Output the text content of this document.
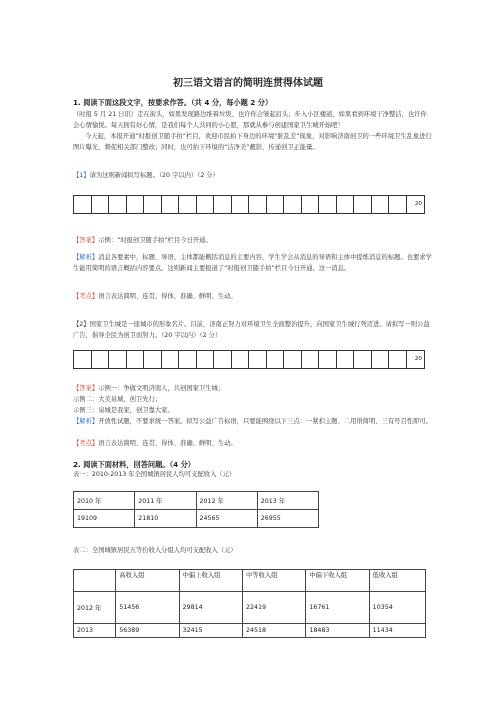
初三语文语言的简明连贯得体试题
1. 阅读下面这段文字，按要求作答。（共 4 分，每小题 2 分）
（时报 5 月 21 日讯）走在街头，如果发现路边堆着垃圾、也许你会皱起眉头；步入小区楼道，如果看到环境干净整洁，也许你会心情愉悦。每天拥有好心情，是我们每个人共同的小心愿，那就从参与创建国家卫生城开始吧！
今天起，本报开通“时报创卫随手拍”栏目，欢迎市民拍下身边的环境“脏乱差”现象，对影响济南创卫的一些环境卫生乱象进行图片曝光，督促相关部门整改；同时，也可拍下环境的“洁净美”靓影，传递创卫正能量。
【1】请为这则新闻拟写标题。（20 字以内）（2 分）
20
【答案】示例：“时报创卫随手拍”栏目今日开通。
【解析】消息各要素中，标题、导语、主体都能概括消息的主要内容，学生学会从消息的导语和主体中提炼消息的标题。也要求学生能用简明的语言概括内容要点。这则新闻主要报道了“时报创卫随手拍”栏目今日开通。这一消息。
【考点】语言表达简明、连贯、得体、准确、鲜明、生动。
【2】国家卫生城是一座城市的形象名片。目前，济南正努力对环境卫生全面整治提升，向国家卫生城行列迈进。请拟写一则公益广告，倡导全民为创卫而努力。（20 字以内）（2 分）
20
【答案】示例一：争做文明济南人，共创国家卫生城；
示例二：大美泉城，创卫先行；
示例三：泉城是我家，创卫靠大家。
【解析】开放性试题，不要求统一答案。拟写公益广告标语，只要能围绕以下三点：一紧扣主题、二用语简明、三有号召性即可。
【考点】语言表达简明、连贯、得体、准确、鲜明、生动。
2. 阅读下面材料，回答问题。（4 分）
表一：2010-2013 年全国城镇居民人均可支配收入（元）
2010 年	2011 年	2012 年	2013 年
19109	21810	24565	26955
表二：全国城镇居民五等份收入分组人均可支配收入（元）
	高收入组	中偏上收入组	中等收入组	中偏下收入组	低收入组
2012 年	51456	29814	22419	16761	10354
2013	56389	32415	24518	18483	11434
